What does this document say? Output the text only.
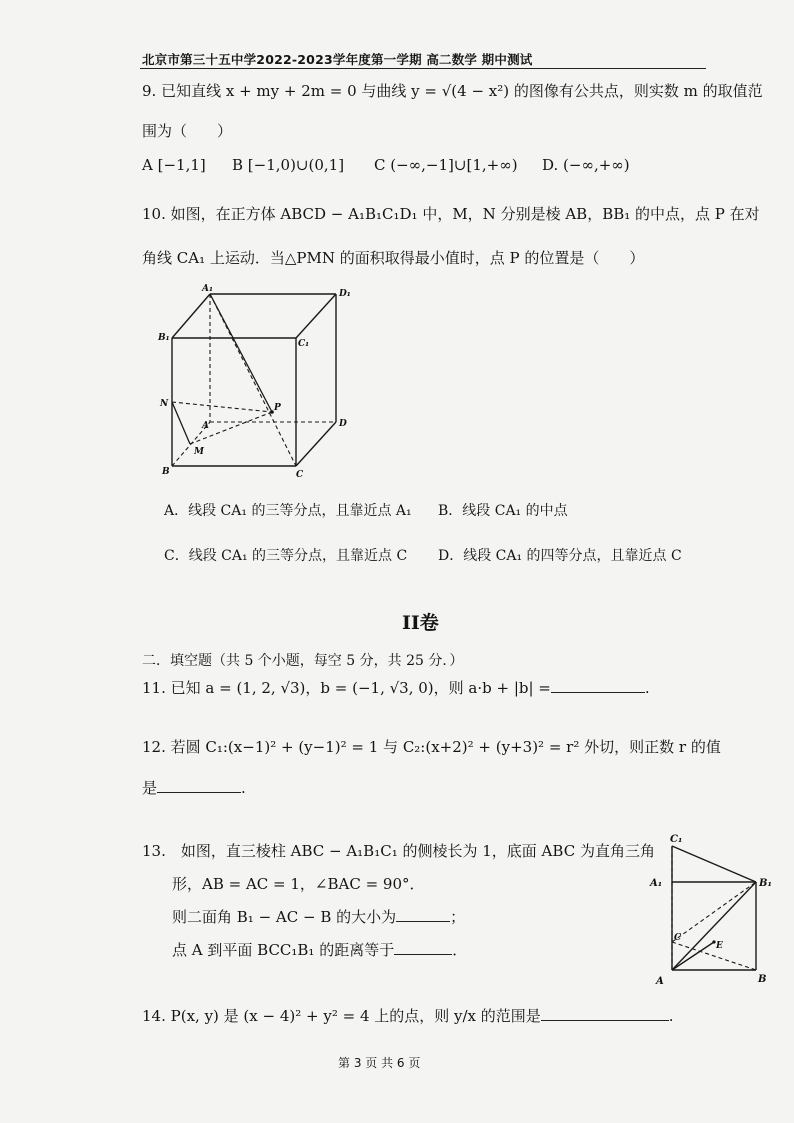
北京市第三十五中学2022-2023学年度第一学期 高二数学 期中测试
9. 已知直线 x + my + 2m = 0 与曲线 y = √(4 − x²) 的图像有公共点，则实数 m 的取值范
围为（　　）
A [−1,1] B [−1,0)∪(0,1] C (−∞,−1]∪[1,+∞) D. (−∞,+∞)
10. 如图，在正方体 ABCD − A₁B₁C₁D₁ 中，M，N 分别是棱 AB，BB₁ 的中点，点 P 在对
角线 CA₁ 上运动．当△PMN 的面积取得最小值时，点 P 的位置是（　　）
A₁	D₁
B₁
C₁
N
A
P
D
M
B	C
A．线段 CA₁ 的三等分点，且靠近点 A₁ B．线段 CA₁ 的中点
C．线段 CA₁ 的三等分点，且靠近点 C D．线段 CA₁ 的四等分点，且靠近点 C
II卷
二．填空题（共 5 个小题，每空 5 分，共 25 分．）
11. 已知 a = (1, 2, √3)，b = (−1, √3, 0)，则 a·b + |b| =	.
12. 若圆 C₁:(x−1)² + (y−1)² = 1 与 C₂:(x+2)² + (y+3)² = r² 外切，则正数 r 的值
是	.
13.　如图，直三棱柱 ABC − A₁B₁C₁ 的侧棱长为 1，底面 ABC 为直角三角
形，AB = AC = 1，∠BAC = 90°．
则二面角 B₁ − AC − B 的大小为	；
点 A 到平面 BCC₁B₁ 的距离等于	．
C₁
A₁	B₁
C
E
A	B
14. P(x, y) 是 (x − 4)² + y² = 4 上的点，则 y/x 的范围是	.
第 3 页 共 6 页
